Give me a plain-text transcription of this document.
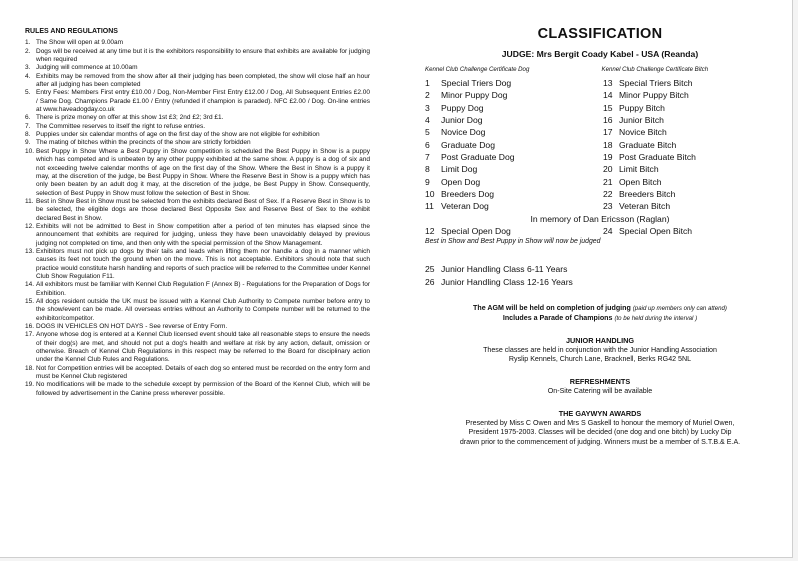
RULES AND REGULATIONS
1. The Show will open at 9.00am
2. Dogs will be received at any time but it is the exhibitors responsibility to ensure that exhibits are available for judging when required
3. Judging will commence at 10.00am
4. Exhibits may be removed from the show after all their judging has been completed, the show will close half an hour after all judging has been completed
5. Entry Fees: Members First entry £10.00 / Dog, Non-Member First Entry £12.00 / Dog, All Subsequent Entries £2.00 / Same Dog. Champions Parade £1.00 / Entry (refunded if champion is paraded). NFC £2.00 / Dog. On-line entries at www.haveadogday.co.uk
6. There is prize money on offer at this show 1st £3; 2nd £2; 3rd £1.
7. The Committee reserves to itself the right to refuse entries.
8. Puppies under six calendar months of age on the first day of the show are not eligible for exhibition
9. The mating of bitches within the precincts of the show are strictly forbidden
10. Best Puppy in Show Where a Best Puppy in Show competition is scheduled the Best Puppy in Show is a puppy which has competed and is unbeaten by any other puppy exhibited at the same show. A puppy is a dog of six and not exceeding twelve calendar months of age on the first day of the Show. Where the Best in Show is a puppy it may, at the discretion of the judge, be Best Puppy in Show. Where the Reserve Best in Show is a puppy which has only been beaten by an adult dog it may, at the discretion of the judge, be Best Puppy in Show. Consequently, selection of Best Puppy in Show must follow the selection of Best in Show.
11. Best in Show Best in Show must be selected from the exhibits declared Best of Sex. If a Reserve Best in Show is to be selected, the eligible dogs are those declared Best Opposite Sex and Reserve Best of Sex to the exhibit declared Best in Show.
12. Exhibits will not be admitted to Best in Show competition after a period of ten minutes has elapsed since the announcement that exhibits are required for judging, unless they have been unavoidably delayed by previous judging not completed on time, and then only with the special permission of the Show Management.
13. Exhibitors must not pick up dogs by their tails and leads when lifting them nor handle a dog in a manner which causes its feet not touch the ground when on the move. This is not acceptable. Exhibitors should note that such practice would constitute harsh handling and reports of such practice will be referred to the Committee under Kennel Club Show Regulation F11.
14. All exhibitors must be familiar with Kennel Club Regulation F (Annex B) - Regulations for the Preparation of Dogs for Exhibition.
15. All dogs resident outside the UK must be issued with a Kennel Club Authority to Compete number before entry to the show/event can be made. All overseas entries without an Authority to Compete number will be returned to the exhibitor/competitor.
16. DOGS IN VEHICLES ON HOT DAYS - See reverse of Entry Form.
17. Anyone whose dog is entered at a Kennel Club licensed event should take all reasonable steps to ensure the needs of their dog(s) are met, and should not put a dog's health and welfare at risk by any action, default, omission or otherwise. Breach of Kennel Club Regulations in this respect may be referred to the Board for disciplinary action under the Kennel Club Rules and Regulations.
18. Not for Competition entries will be accepted. Details of each dog so entered must be recorded on the entry form and must be Kennel Club registered
19. No modifications will be made to the schedule except by permission of the Board of the Kennel Club, which will be followed by advertisement in the Canine press wherever possible.
CLASSIFICATION
JUDGE: Mrs Bergit Coady Kabel - USA (Reanda)
Kennel Club Challenge Certificate Dog	Kennel Club Challenge Certificate Bitch
1	Special Triers Dog	13 Special Triers Bitch
2	Minor Puppy Dog	14 Minor Puppy Bitch
3	Puppy Dog	15 Puppy Bitch
4	Junior Dog	16 Junior Bitch
5	Novice Dog	17 Novice Bitch
6	Graduate Dog	18 Graduate Bitch
7	Post Graduate Dog	19 Post Graduate Bitch
8	Limit Dog	20 Limit Bitch
9	Open Dog	21 Open Bitch
10 Breeders Dog	22 Breeders Bitch
11 Veteran Dog	23 Veteran Bitch
In memory of Dan Ericsson (Raglan)
12 Special Open Dog	24 Special Open Bitch
Best in Show and Best Puppy in Show will now be judged
25 Junior Handling Class 6-11 Years
26 Junior Handling Class 12-16 Years
The AGM will be held on completion of judging (paid up members only can attend)
Includes a Parade of Champions (to be held during the interval )
JUNIOR HANDLING
These classes are held in conjunction with the Junior Handling Association
Ryslip Kennels, Church Lane, Bracknell, Berks RG42 5NL
REFRESHMENTS
On-Site Catering will be available
THE GAYWYN AWARDS
Presented by Miss C Owen and Mrs S Gaskell to honour the memory of Muriel Owen,
President 1975-2003. Classes will be decided (one dog and one bitch) by Lucky Dip
drawn prior to the commencement of judging. Winners must be a member of S.T.B.& E.A.
